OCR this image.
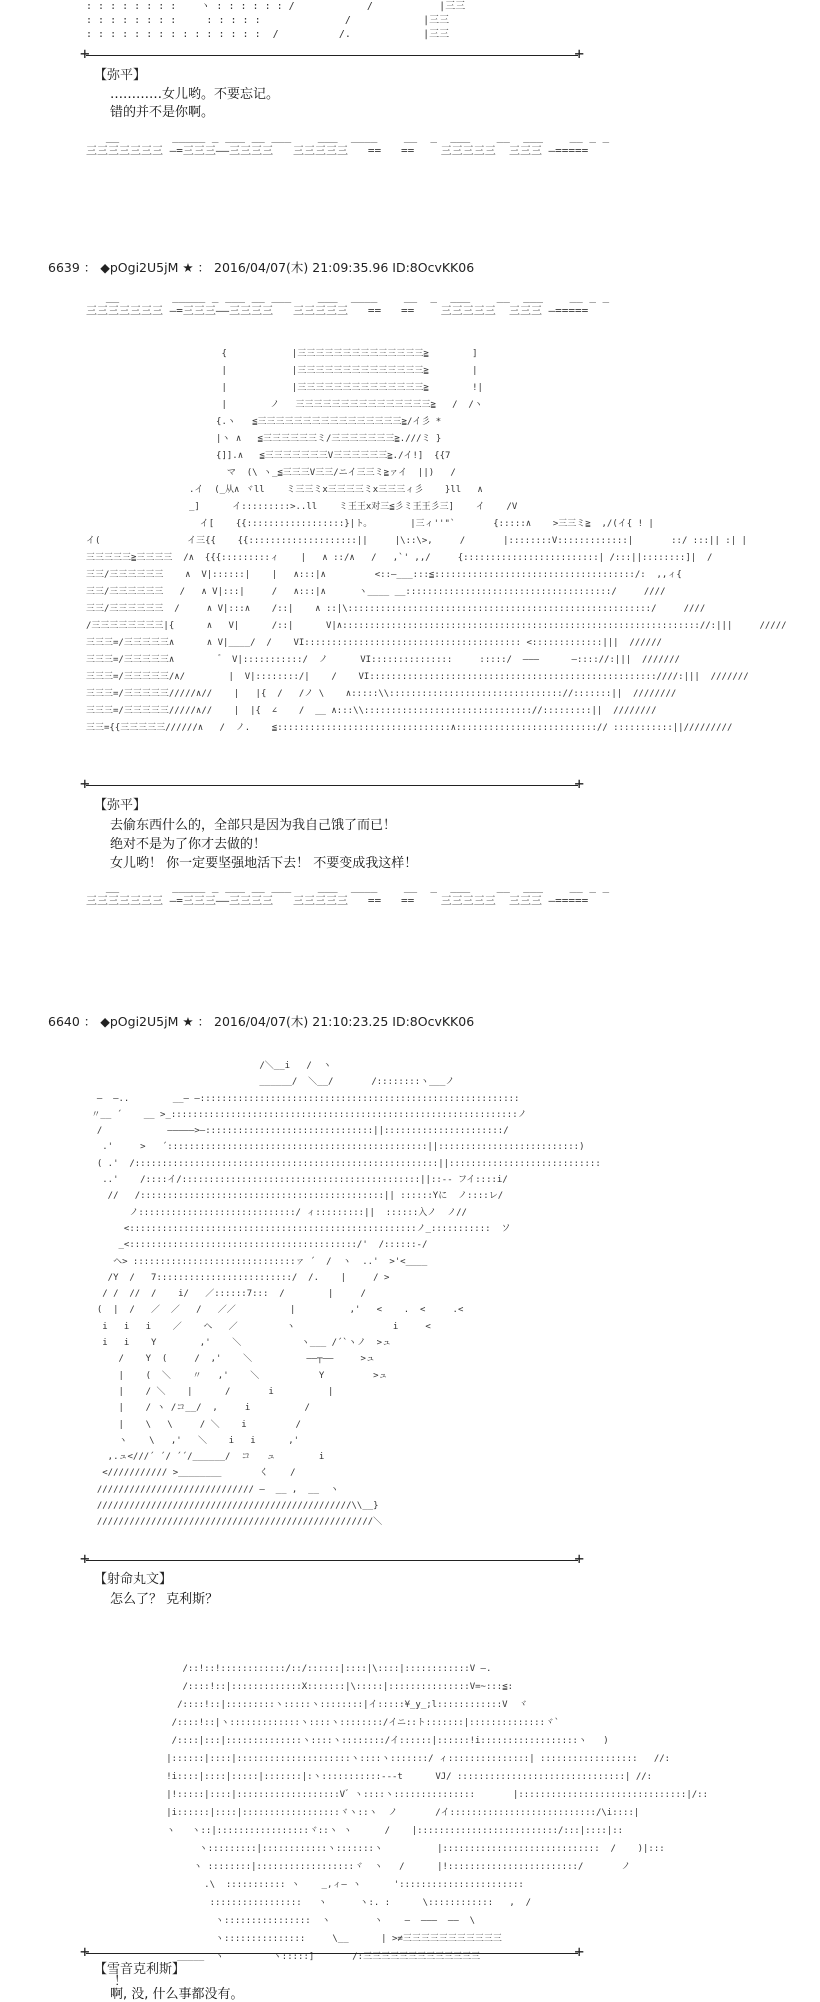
: : : : : : : :    ヽ : : : : : : /            /           |三三
: : : : : : : :     : : : : :              /            |三三
: : : : : : : : : : : : : : :  /          /.            |三三
+ +
【弥平】
…………女儿哟。不要忘记。
错的并不是你啊。
__        _____ _ ___ __ ___    ___  ____    __  _  ___    __  ___    __ _ _
三三三三三三三 ―=三三三――三三三三   三三三三三   ==   ==    三三三三三  三三三 ―=====
6639 ： ◆pOgi2U5jM ★ ： 2016/04/07(木) 21:09:35.96 ID:8OcvKK06
__        _____ _ ___ __ ___    ___  ____    __  _  ___    __  ___    __ _ _
三三三三三三三 ―=三三三――三三三三   三三三三三   ==   ==    三三三三三  三三三 ―=====
{            |三三三三三三三三三三三三三三≧        ]
|            |三三三三三三三三三三三三三三≧        |
|            |三三三三三三三三三三三三三三≧        !|
|        ノ   三三三三三三三三三三三三三三三≧   /  /ヽ
{.ヽ   ≦三三三三三三三三三三三三三三三三≧/イ彡 *
|ヽ ∧   ≦三三三三三三ミ/三三三三三三三≧.///ミ }
{]].∧   ≦三三三三三三三V三三三三三三≧./イ!]  {{7
マ  (\ ヽ_≦三三三V三三/ニイ三三ミ≧ァイ  ||)   /
.イ  (_从∧ ヾll    ミ三三ミx三三三三ミx三三三ィ彡    }ll   ∧
_]      イ:::::::::>..ll    ミ王王x对三≦彡ミ王王彡三]    イ    /V
イ[    {{::::::::::::::::::}|ト。       |三ィ''"`       {:::::∧    >三三ミ≧  ,/(イ{ ! |
イ(                イ三{{    {{::::::::::::::::::::||     |\::\>,     /       |::::::::V:::::::::::::|       ::/ :::|| :| |
三三三三三≧三三三三  /∧  {{{:::::::::ィ    |   ∧ ::/∧   /   ,`' ,,/     {:::::::::::::::::::::::::| /:::||::::::::]|  /
三三/三三三三三三    ∧  V|::::::|    |   ∧:::|∧         <::―___:::≦:::::::::::::::::::::::::::::::::::::/:  ,,ィ{
三三/三三三三三三   /   ∧ V|:::|     /   ∧:::|∧      ヽ____ __::::::::::::::::::::::::::::::::::::::/     ////
三三/三三三三三三  /     ∧ V|:::∧    /::|    ∧ ::|\::::::::::::::::::::::::::::::::::::::::::::::::::::::::/     ////
/三三三三三三三三|{      ∧   V|      /::|      V|∧:::::::::::::::::::::::::::::::::::::::::::::::::::::::::::::::::://:|||     /////
三三三=/三三三三三∧      ∧ V|____/  /    VI:::::::::::::::::::::::::::::::::::::::: <:::::::::::::|||  //////
三三三=/三三三三三∧        ゛ V|:::::::::::/  ノ      VI:::::::::::::::     :::::/  ―――      ―:::://:|||  ///////
三三三=/三三三三三/∧/        |  V|::::::::/|    /    VI:::::::::::::::::::::::::::::::::::::::::::::::::::::////:|||  ///////
三三三=/三三三三三/////∧//    |   |{  /   /ノ \    ∧:::::\\:::::::::::::::::::::::::::::::://:::::::||  ////////
三三三=/三三三三三/////∧//    |  |{  ∠    /  __ ∧:::\\::::::::::::::::::::::::::::::://:::::::::||  ////////
三三={{三三三三三//////∧   /  ノ.    ≦::::::::::::::::::::::::::::::::∧::::::::::::::::::::::::::// :::::::::::||/////////
+ +
【弥平】
去偷东西什么的，全部只是因为我自己饿了而已！
绝对不是为了你才去做的！
女儿哟！ 你一定要坚强地活下去！ 不要变成我这样！
__        _____ _ ___ __ ___    ___  ____    __  _  ___    __  ___    __ _ _
三三三三三三三 ―=三三三――三三三三   三三三三三   ==   ==    三三三三三  三三三 ―=====
6640 ： ◆pOgi2U5jM ★ ： 2016/04/07(木) 21:10:23.25 ID:8OcvKK06
/＼__i   /  ヽ
______/  ＼__/       /::::::::ヽ___ノ
―  ―..        __― ―:::::::::::::::::::::::::::::::::::::::::::::::::::::::::::
〃__ ´    __ >_::::::::::::::::::::::::::::::::::::::::::::::::::::::::::::::::ノ
/            ―――――>―:::::::::::::::::::::::::::::::||::::::::::::::::::::::/
.'     >   ´::::::::::::::::::::::::::::::::::::::::::::::::||::::::::::::::::::::::::::)
( .'  /::::::::::::::::::::::::::::::::::::::::::::::::::::::::||::::::::::::::::::::::::::::
..'    /::::イ/::::::::::::::::::::::::::::::::::::::::::::||::-- フイ::::i/
//   /:::::::::::::::::::::::::::::::::::::::::::::|| ::::::Yに  ノ::::レ/
ノ:::::::::::::::::::::::::::::/ ィ:::::::::||  ::::::入ノ  ノ//
<:::::::::::::::::::::::::::::::::::::::::::::::::::::ノ_:::::::::::  ソ
_<::::::::::::::::::::::::::::::::::::::::::/'  /::::::-/
ヘ> ::::::::::::::::::::::::::::::ァ ´  /  ヽ  ..'  >'<____
/Y  /   7:::::::::::::::::::::::::/  /.    |     / >
/ /  //  /    i/   ／::::::7:::  /        |     /
(  |  /   ／  ／   /   ／／          |          ,'   <    .  <     .<
i   i   i    ／    ヘ   ／         ヽ                  i     <
i   i    Y        ,'    ＼           ヽ___ /´`ヽノ  >ュ
/    Y  (     /  ,'    ＼          ――┬――     >ュ
|    (  ＼    〃   ,'    ＼           Y         >ュ
|    / ＼    |      /       i          |
|    / ヽ /コ__/  ,     i          /
|    \   \     / ＼    i         /
ヽ    \   ,'   ＼    i   i      ,'
,.ュ<///´ ´/ ´´/______/  コ   ュ        i
</////////// >________       く    /
///////////////////////////// ―  __ ,  __  ヽ
///////////////////////////////////////////////\\__}
///////////////////////////////////////////////////＼
+ +
【射命丸文】
怎么了？ 克利斯？
/::!::!::::::::::::/::/::::::|::::|\::::|::::::::::::V ―.
/::::!::|:::::::::::::X:::::::|\:::::|:::::::::::::::V=~:::≦:
/::::!::|:::::::::ヽ:::::ヽ::::::::|イ:::::¥_y_;l::::::::::::V  ヾ
/::::!::|ヽ:::::::::::::ヽ::::ヽ::::::::/イニ::ト:::::::|::::::::::::::ヾ`
/::::|:::|::::::::::::::ヽ::::ヽ::::::::/イ::::::|::::::!i::::::::::::::::::ヽ   )
|::::::|::::|:::::::::::::::::::::ヽ::::ヽ:::::::/ ィ:::::::::::::::| ::::::::::::::::::   //:
!i::::|::::|:::::|:::::::|:ヽ:::::::::::---t      VJ/ :::::::::::::::::::::::::::::::| //:
|!:::::|::::|:::::::::::::::::::V゛ヽ::::ヽ:::::::::::::::       |:::::::::::::::::::::::::::::::|/::
|i::::::|::::|::::::::::::::::::ヾヽ::ヽ  ノ       /イ:::::::::::::::::::::::::::/\i::::|
ヽ   ヽ::|:::::::::::::::::ヾ::ヽ ヽ      /    |::::::::::::::::::::::::::/:::|::::|::
ヽ:::::::::|::::::::::::ヽ:::::::ヽ          |:::::::::::::::::::::::::::::  /    )|:::
ヽ ::::::::|::::::::::::::::::ヾ  ヽ   /      |!::::::::::::::::::::::::/       ノ
.\  ::::::::::: ヽ    _,ィ― ヽ      ':::::::::::::::::::::::
:::::::::::::::::   ヽ      ヽ:. :      \::::::::::::   ,  /
ヽ::::::::::::::::  ヽ        ヽ    ―  ―――  ――  \
ヽ:::::::::::::::     \__      | >≠三三三三三三三三三三三
_____  ヽ         ヽ:::::]       /:三三三三三三三三三三三三三
+ +
【雪音克利斯】
！
啊, 没, 什么事都没有。
